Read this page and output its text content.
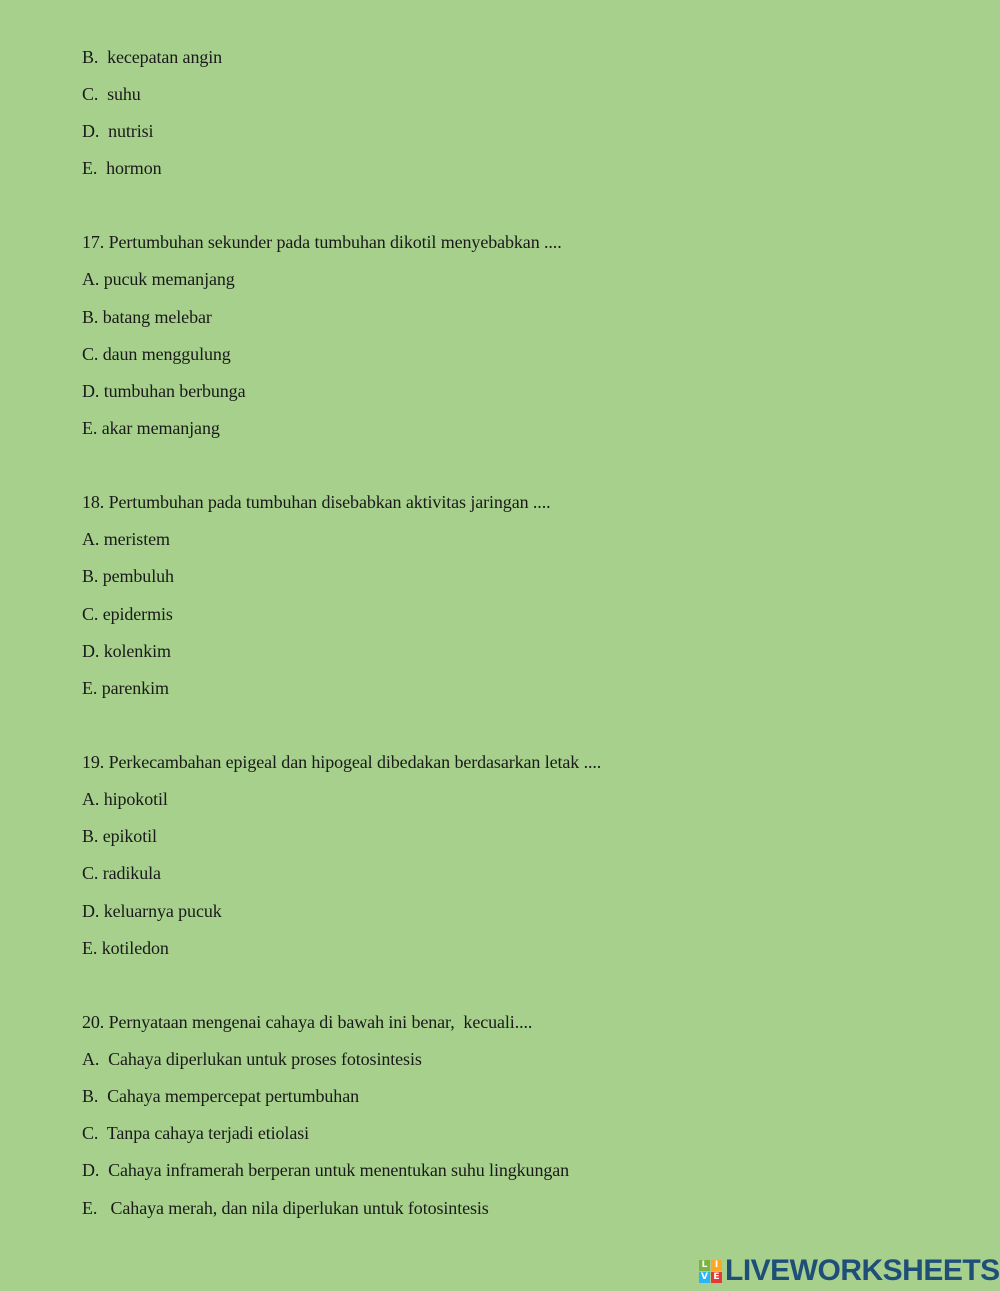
B.  kecepatan angin
C.  suhu
D.  nutrisi
E.  hormon
17. Pertumbuhan sekunder pada tumbuhan dikotil menyebabkan ....
A. pucuk memanjang
B. batang melebar
C. daun menggulung
D. tumbuhan berbunga
E. akar memanjang
18. Pertumbuhan pada tumbuhan disebabkan aktivitas jaringan ....
A. meristem
B. pembuluh
C. epidermis
D. kolenkim
E. parenkim
19. Perkecambahan epigeal dan hipogeal dibedakan berdasarkan letak ....
A. hipokotil
B. epikotil
C. radikula
D. keluarnya pucuk
E. kotiledon
20. Pernyataan mengenai cahaya di bawah ini benar,  kecuali....
A.  Cahaya diperlukan untuk proses fotosintesis
B.  Cahaya mempercepat pertumbuhan
C.  Tanpa cahaya terjadi etiolasi
D.  Cahaya inframerah berperan untuk menentukan suhu lingkungan
E.   Cahaya merah, dan nila diperlukan untuk fotosintesis
L I
V E LIVEWORKSHEETS
